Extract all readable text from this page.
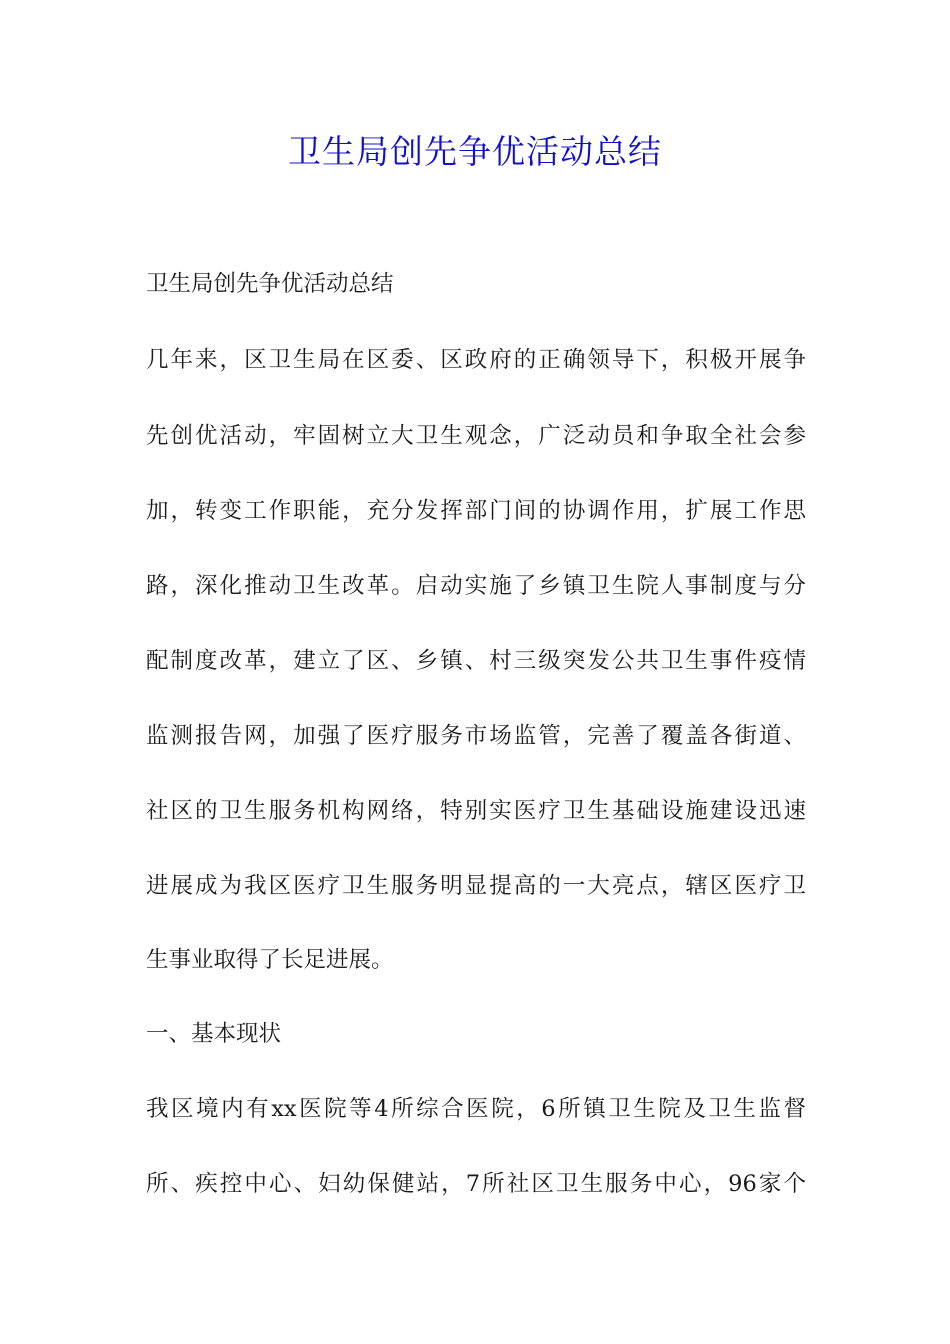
卫生局创先争优活动总结
卫生局创先争优活动总结
几年来，区卫生局在区委、区政府的正确领导下，积极开展争
先创优活动，牢固树立大卫生观念，广泛动员和争取全社会参
加，转变工作职能，充分发挥部门间的协调作用，扩展工作思
路，深化推动卫生改革。启动实施了乡镇卫生院人事制度与分
配制度改革，建立了区、乡镇、村三级突发公共卫生事件疫情
监测报告网，加强了医疗服务市场监管，完善了覆盖各街道、
社区的卫生服务机构网络，特别实医疗卫生基础设施建设迅速
进展成为我区医疗卫生服务明显提高的一大亮点，辖区医疗卫
生事业取得了长足进展。
一、基本现状
我区境内有xx医院等4所综合医院，6所镇卫生院及卫生监督
所、疾控中心、妇幼保健站，7所社区卫生服务中心，96家个
